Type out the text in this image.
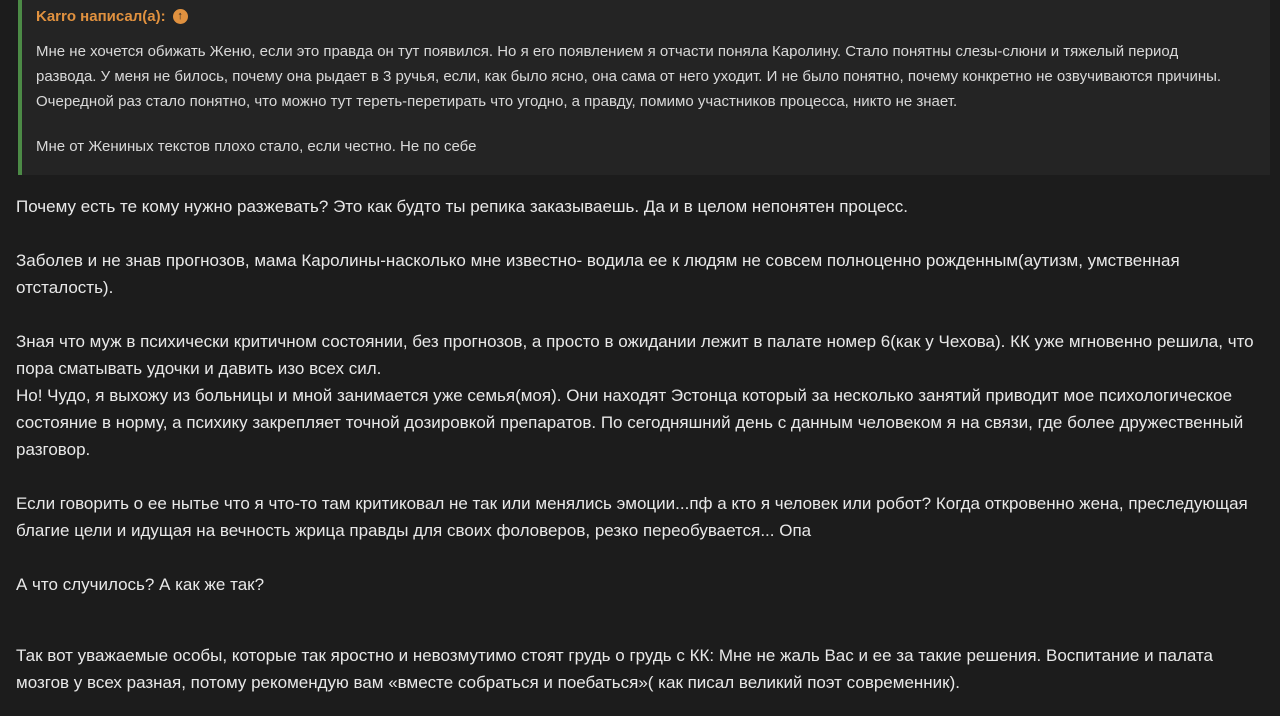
Karro написал(а):	↑

Мне не хочется обижать Женю, если это правда он тут появился. Но я его появлением я отчасти поняла Каролину. Стало понятны слезы-слюни и тяжелый период развода. У меня не билось, почему она рыдает в 3 ручья, если, как было ясно, она сама от него уходит. И не было понятно, почему конкретно не озвучиваются причины. Очередной раз стало понятно, что можно тут тереть-перетирать что угодно, а правду, помимо участников процесса, никто не знает.

Мне от Жениных текстов плохо стало, если честно. Не по себе

Почему есть те кому нужно разжевать? Это как будто ты репика заказываешь. Да и в целом непонятен процесс.

Заболев и не знав прогнозов, мама Каролины-насколько мне известно- водила ее к людям не совсем полноценно рожденным(аутизм, умственная отсталость).

Зная что муж в психически критичном состоянии, без прогнозов, а просто в ожидании лежит в палате номер 6(как у Чехова). КК уже мгновенно решила, что пора сматывать удочки и давить изо всех сил.

Но! Чудо, я выхожу из больницы и мной занимается уже семья(моя). Они находят Эстонца который за несколько занятий приводит мое психологическое состояние в норму, а психику закрепляет точной дозировкой препаратов. По сегодняшний день с данным человеком я на связи, где более дружественный разговор.

Если говорить о ее нытье что я что-то там критиковал не так или менялись эмоции...пф а кто я человек или робот? Когда откровенно жена, преследующая благие цели и идущая на вечность жрица правды для своих фоловеров, резко переобувается... Опа

А что случилось? А как же так?

Так вот уважаемые особы, которые так яростно и невозмутимо стоят грудь о грудь с КК: Мне не жаль Вас и ее за такие решения. Воспитание и палата мозгов у всех разная, потому рекомендую вам «вместе собраться и поебаться»( как писал великий поэт современник).
